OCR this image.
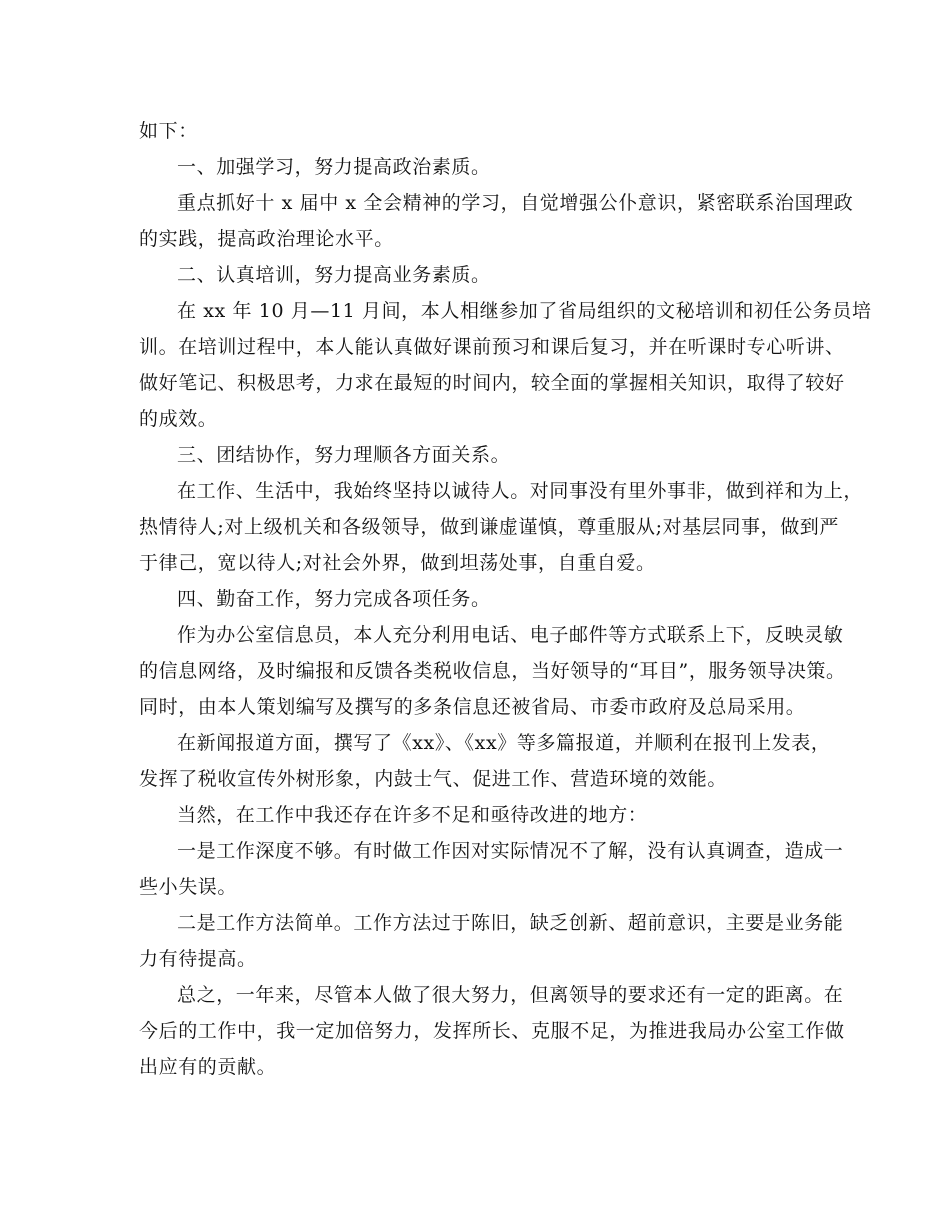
如下：
一、加强学习，努力提高政治素质。
重点抓好十 x 届中 x 全会精神的学习，自觉增强公仆意识，紧密联系治国理政
的实践，提高政治理论水平。
二、认真培训，努力提高业务素质。
在 xx 年 10 月—11 月间，本人相继参加了省局组织的文秘培训和初任公务员培
训。在培训过程中，本人能认真做好课前预习和课后复习，并在听课时专心听讲、
做好笔记、积极思考，力求在最短的时间内，较全面的掌握相关知识，取得了较好
的成效。
三、团结协作，努力理顺各方面关系。
在工作、生活中，我始终坚持以诚待人。对同事没有里外事非，做到祥和为上，
热情待人;对上级机关和各级领导，做到谦虚谨慎，尊重服从;对基层同事，做到严
于律己，宽以待人;对社会外界，做到坦荡处事，自重自爱。
四、勤奋工作，努力完成各项任务。
作为办公室信息员，本人充分利用电话、电子邮件等方式联系上下，反映灵敏
的信息网络，及时编报和反馈各类税收信息，当好领导的“耳目”，服务领导决策。
同时，由本人策划编写及撰写的多条信息还被省局、市委市政府及总局采用。
在新闻报道方面，撰写了《xx》、《xx》等多篇报道，并顺利在报刊上发表，
发挥了税收宣传外树形象，内鼓士气、促进工作、营造环境的效能。
当然，在工作中我还存在许多不足和亟待改进的地方：
一是工作深度不够。有时做工作因对实际情况不了解，没有认真调查，造成一
些小失误。
二是工作方法简单。工作方法过于陈旧，缺乏创新、超前意识，主要是业务能
力有待提高。
总之，一年来，尽管本人做了很大努力，但离领导的要求还有一定的距离。在
今后的工作中，我一定加倍努力，发挥所长、克服不足，为推进我局办公室工作做
出应有的贡献。
